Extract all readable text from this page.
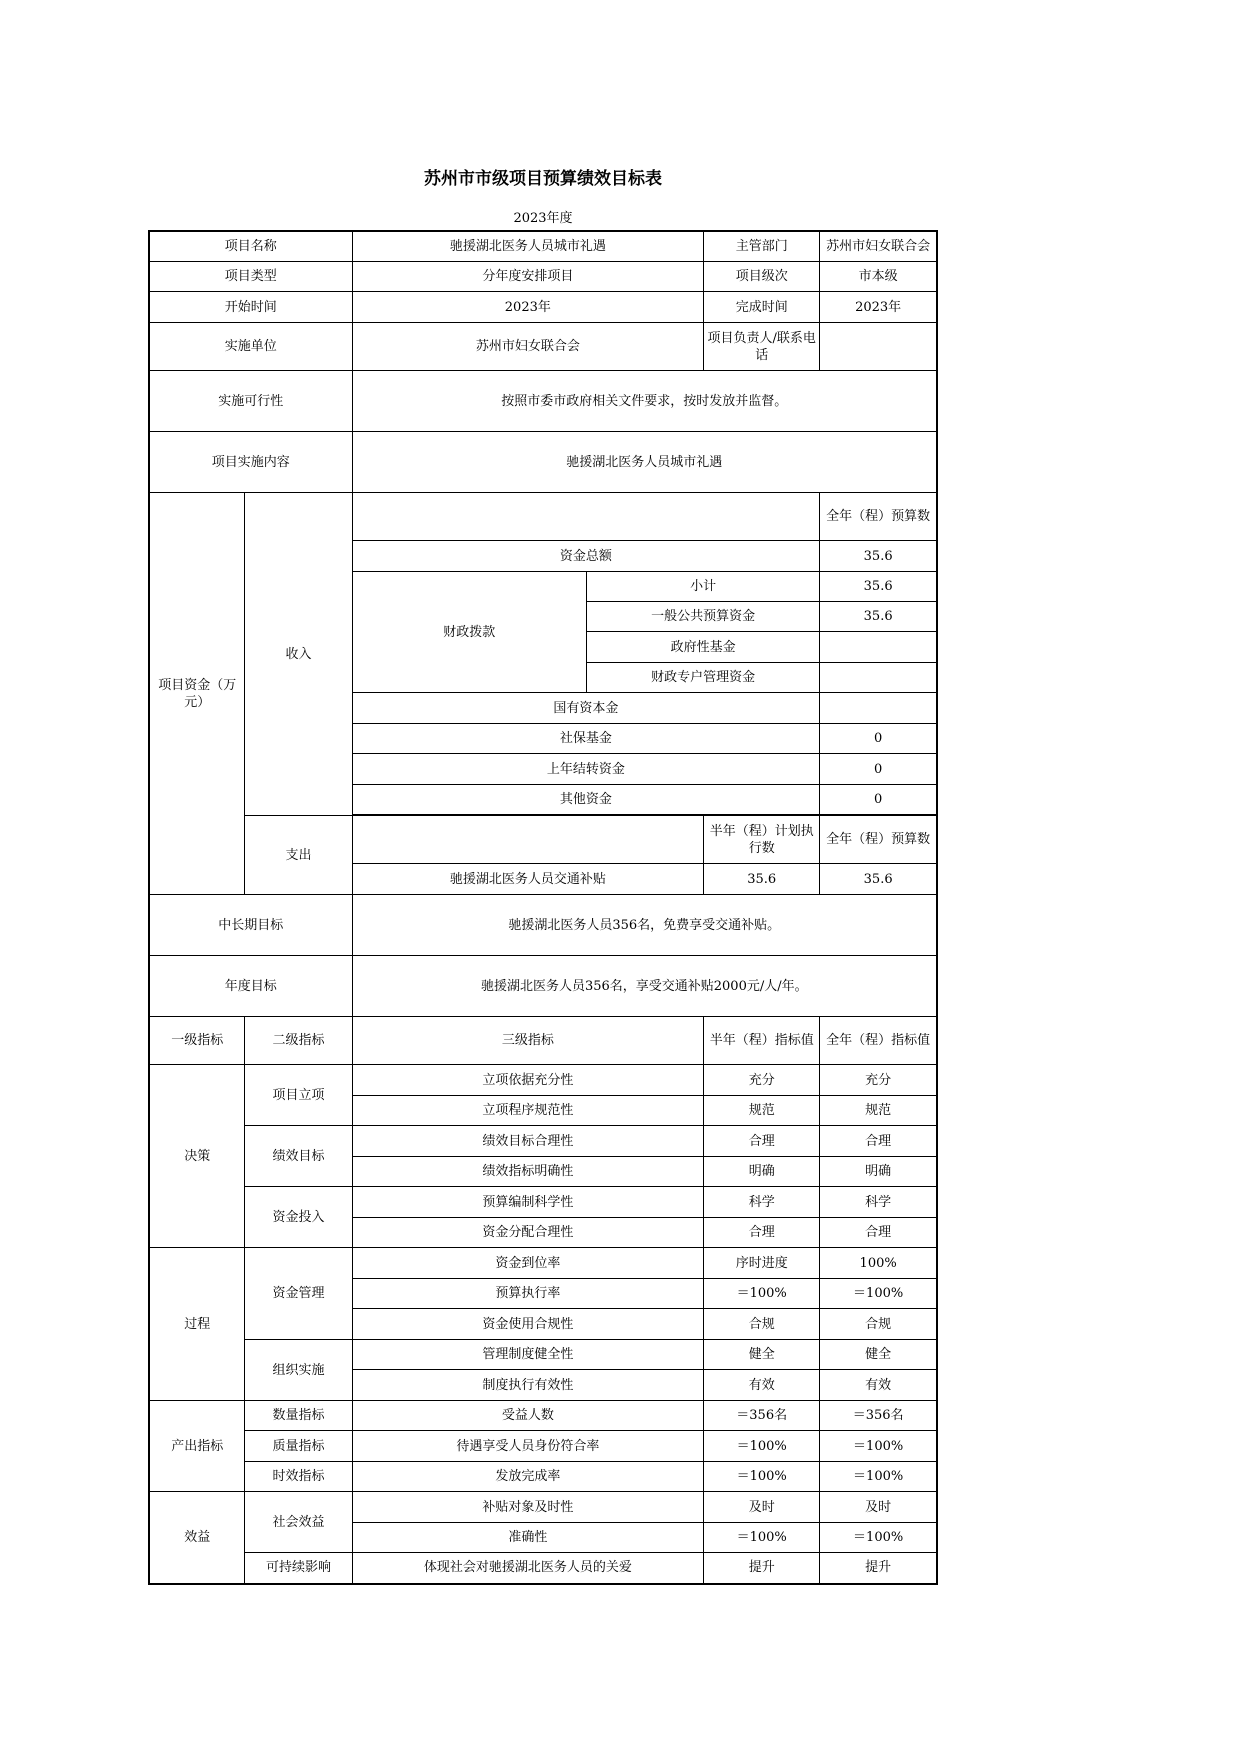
苏州市市级项目预算绩效目标表
2023年度
项目名称		驰援湖北医务人员城市礼遇		主管部门	苏州市妇女联合会

项目类型		分年度安排项目		项目级次	市本级
开始时间		2023年		完成时间	2023年
实施单位		苏州市妇女联合会		项目负责人/联系电话	
实施可行性		按照市委市政府相关文件要求，按时发放并监督。			
项目实施内容		驰援湖北医务人员城市礼遇			
项目资金（万元）	收入				全年（程）预算数
		资金总额			35.6
		财政拨款	小计		35.6
			一般公共预算资金		35.6
			政府性基金		
			财政专户管理资金		
		国有资本金			
		社保基金			0
		上年结转资金			0
		其他资金			0

	支出			半年（程）计划执行数	全年（程）预算数
		驰援湖北医务人员交通补贴		35.6	35.6
中长期目标		驰援湖北医务人员356名，免费享受交通补贴。			
年度目标		驰援湖北医务人员356名，享受交通补贴2000元/人/年。			
一级指标	二级指标	三级指标		半年（程）指标值	全年（程）指标值
决策	项目立项	立项依据充分性		充分	充分
		立项程序规范性		规范	规范
	绩效目标	绩效目标合理性		合理	合理
		绩效指标明确性		明确	明确
	资金投入	预算编制科学性		科学	科学
		资金分配合理性		合理	合理
过程	资金管理	资金到位率		序时进度	100%
		预算执行率		＝100%	＝100%
		资金使用合规性		合规	合规
	组织实施	管理制度健全性		健全	健全
		制度执行有效性		有效	有效
产出指标	数量指标	受益人数		＝356名	＝356名
	质量指标	待遇享受人员身份符合率		＝100%	＝100%
	时效指标	发放完成率		＝100%	＝100%
效益	社会效益	补贴对象及时性		及时	及时
		准确性		＝100%	＝100%
	可持续影响	体现社会对驰援湖北医务人员的关爱		提升	提升
